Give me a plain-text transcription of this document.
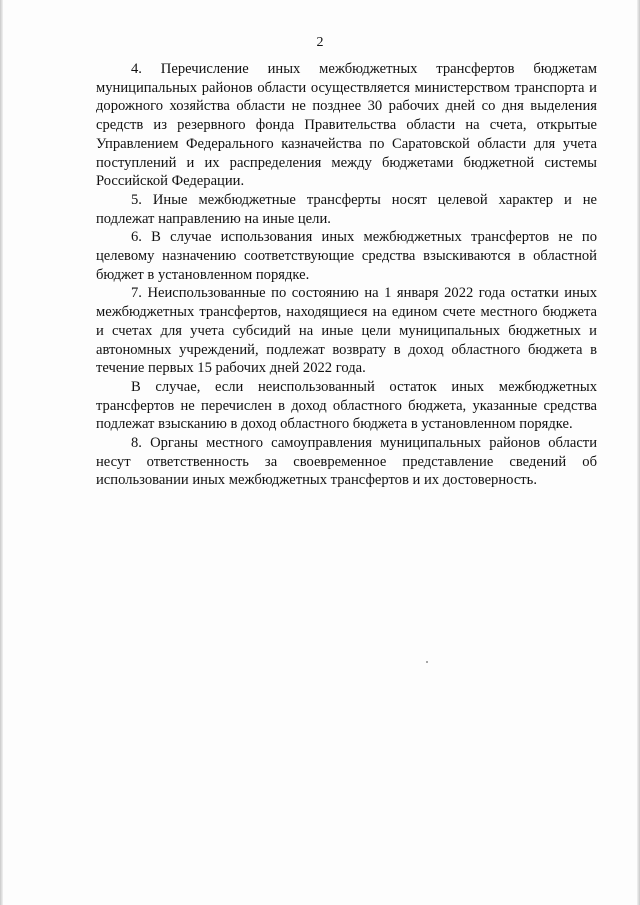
2

4. Перечисление иных межбюджетных трансфертов бюджетам муниципальных районов области осуществляется министерством транспорта и дорожного хозяйства области не позднее 30 рабочих дней со дня выделения средств из резервного фонда Правительства области на счета, открытые Управлением Федерального казначейства по Саратовской области для учета поступлений и их распределения между бюджетами бюджетной системы Российской Федерации.

5. Иные межбюджетные трансферты носят целевой характер и не подлежат направлению на иные цели.

6. В случае использования иных межбюджетных трансфертов не по целевому назначению соответствующие средства взыскиваются в областной бюджет в установленном порядке.

7. Неиспользованные по состоянию на 1 января 2022 года остатки иных межбюджетных трансфертов, находящиеся на едином счете местного бюджета и счетах для учета субсидий на иные цели муниципальных бюджетных и автономных учреждений, подлежат возврату в доход областного бюджета в течение первых 15 рабочих дней 2022 года.

В случае, если неиспользованный остаток иных межбюджетных трансфертов не перечислен в доход областного бюджета, указанные средства подлежат взысканию в доход областного бюджета в установленном порядке.

8. Органы местного самоуправления муниципальных районов области несут ответственность за своевременное представление сведений об использовании иных межбюджетных трансфертов и их достоверность.
